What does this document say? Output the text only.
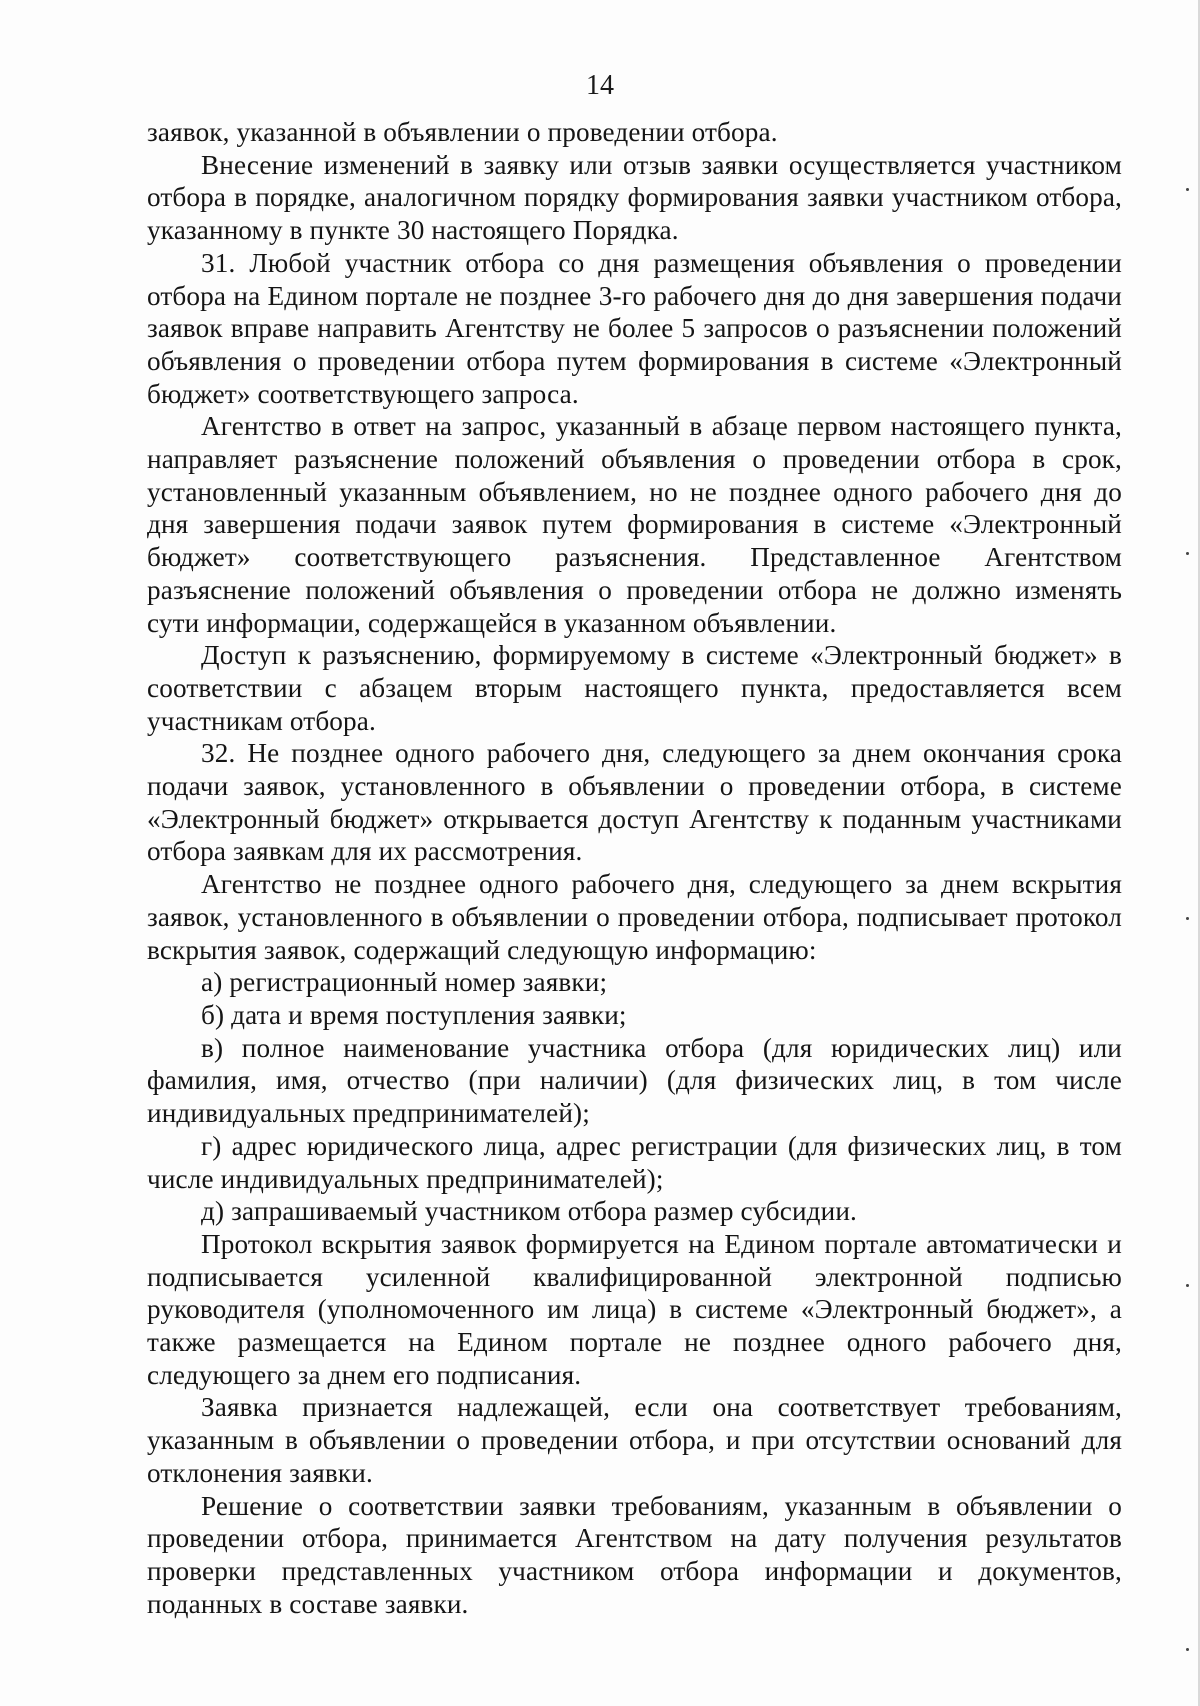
14

заявок, указанной в объявлении о проведении отбора.

Внесение изменений в заявку или отзыв заявки осуществляется участником отбора в порядке, аналогичном порядку формирования заявки участником отбора, указанному в пункте 30 настоящего Порядка.

31. Любой участник отбора со дня размещения объявления о проведении отбора на Едином портале не позднее 3-го рабочего дня до дня завершения подачи заявок вправе направить Агентству не более 5 запросов о разъяснении положений объявления о проведении отбора путем формирования в системе «Электронный бюджет» соответствующего запроса.

Агентство в ответ на запрос, указанный в абзаце первом настоящего пункта, направляет разъяснение положений объявления о проведении отбора в срок, установленный указанным объявлением, но не позднее одного рабочего дня до дня завершения подачи заявок путем формирования в системе «Электронный бюджет» соответствующего разъяснения. Представленное Агентством разъяснение положений объявления о проведении отбора не должно изменять сути информации, содержащейся в указанном объявлении.

Доступ к разъяснению, формируемому в системе «Электронный бюджет» в соответствии с абзацем вторым настоящего пункта, предоставляется всем участникам отбора.

32. Не позднее одного рабочего дня, следующего за днем окончания срока подачи заявок, установленного в объявлении о проведении отбора, в системе «Электронный бюджет» открывается доступ Агентству к поданным участниками отбора заявкам для их рассмотрения.

Агентство не позднее одного рабочего дня, следующего за днем вскрытия заявок, установленного в объявлении о проведении отбора, подписывает протокол вскрытия заявок, содержащий следующую информацию:

а) регистрационный номер заявки;

б) дата и время поступления заявки;

в) полное наименование участника отбора (для юридических лиц) или фамилия, имя, отчество (при наличии) (для физических лиц, в том числе индивидуальных предпринимателей);

г) адрес юридического лица, адрес регистрации (для физических лиц, в том числе индивидуальных предпринимателей);

д) запрашиваемый участником отбора размер субсидии.

Протокол вскрытия заявок формируется на Едином портале автоматически и подписывается усиленной квалифицированной электронной подписью руководителя (уполномоченного им лица) в системе «Электронный бюджет», а также размещается на Едином портале не позднее одного рабочего дня, следующего за днем его подписания.

Заявка признается надлежащей, если она соответствует требованиям, указанным в объявлении о проведении отбора, и при отсутствии оснований для отклонения заявки.

Решение о соответствии заявки требованиям, указанным в объявлении о проведении отбора, принимается Агентством на дату получения результатов проверки представленных участником отбора информации и документов, поданных в составе заявки.
